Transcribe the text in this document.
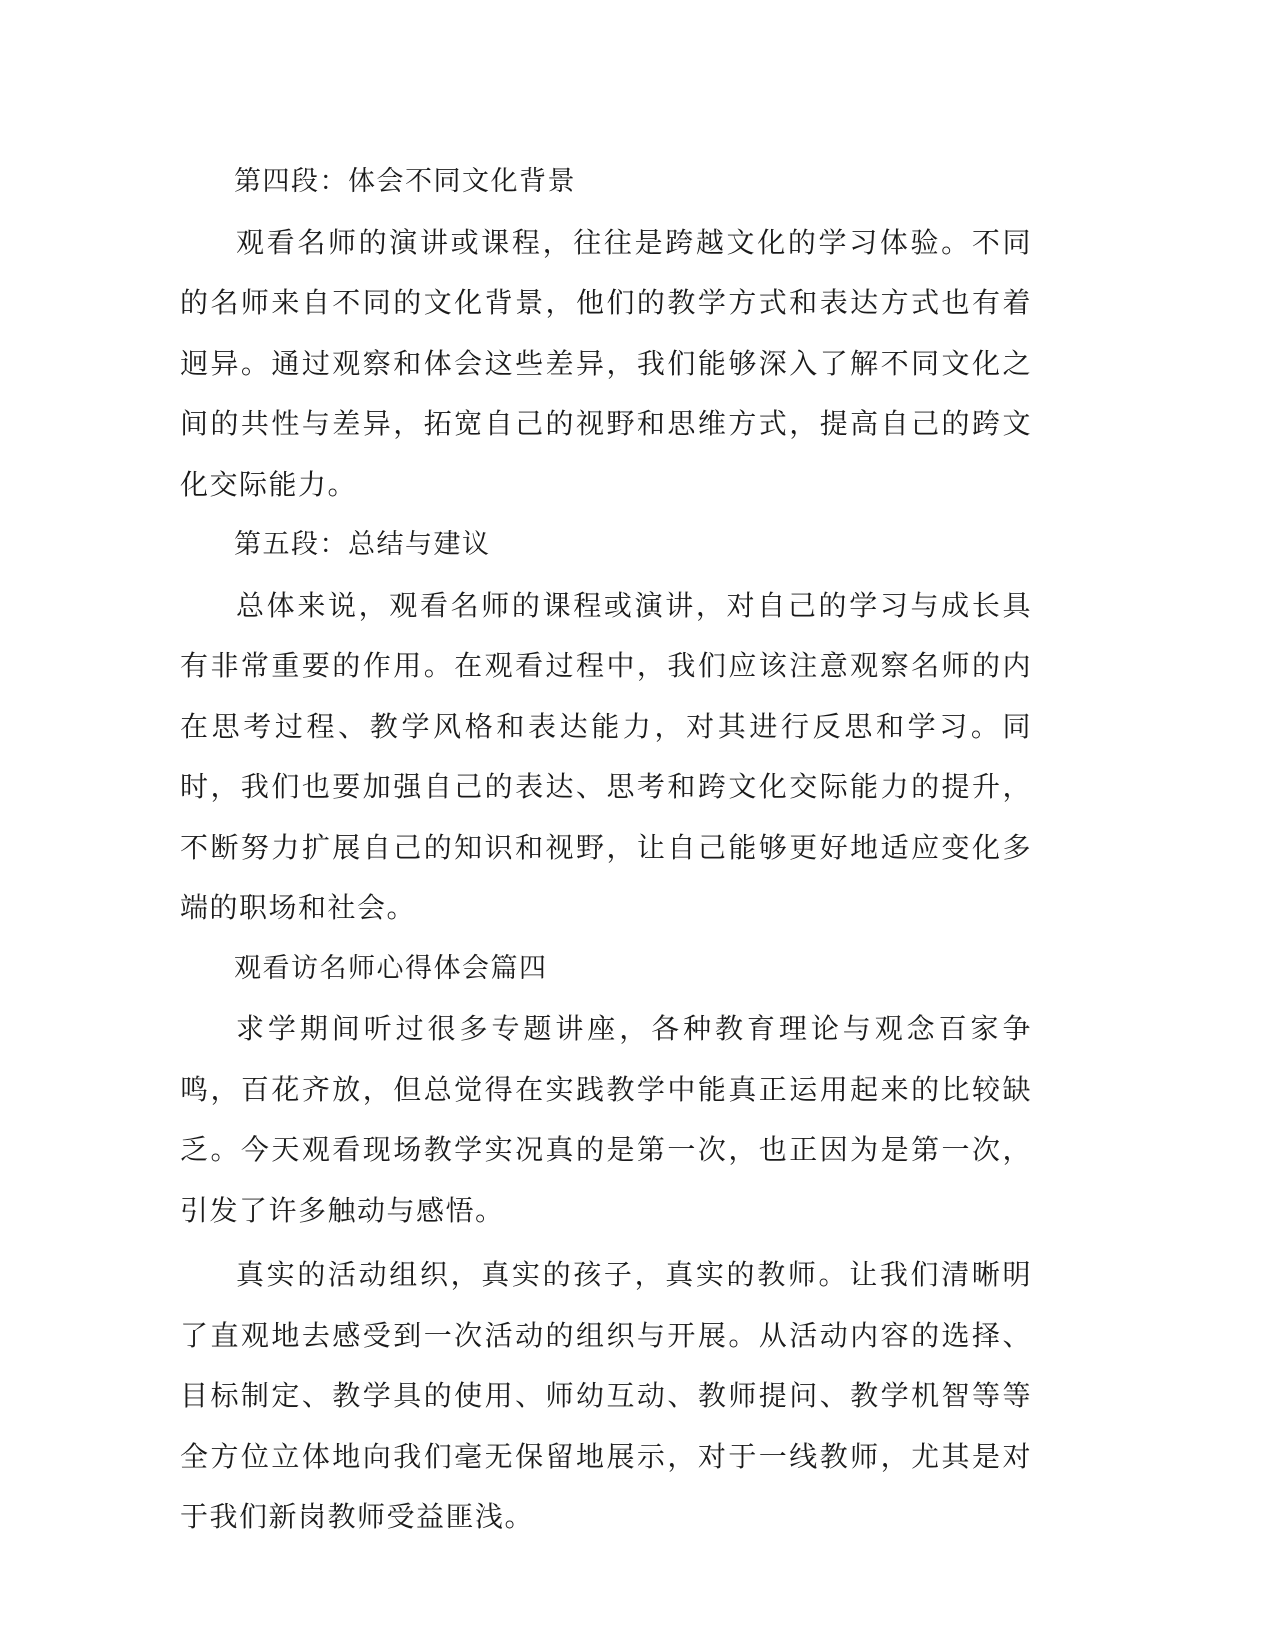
第四段：体会不同文化背景

观看名师的演讲或课程，往往是跨越文化的学习体验。不同的名师来自不同的文化背景，他们的教学方式和表达方式也有着迥异。通过观察和体会这些差异，我们能够深入了解不同文化之间的共性与差异，拓宽自己的视野和思维方式，提高自己的跨文化交际能力。

第五段：总结与建议

总体来说，观看名师的课程或演讲，对自己的学习与成长具有非常重要的作用。在观看过程中，我们应该注意观察名师的内在思考过程、教学风格和表达能力，对其进行反思和学习。同时，我们也要加强自己的表达、思考和跨文化交际能力的提升，不断努力扩展自己的知识和视野，让自己能够更好地适应变化多端的职场和社会。

观看访名师心得体会篇四

求学期间听过很多专题讲座，各种教育理论与观念百家争鸣，百花齐放，但总觉得在实践教学中能真正运用起来的比较缺乏。今天观看现场教学实况真的是第一次，也正因为是第一次，引发了许多触动与感悟。

真实的活动组织，真实的孩子，真实的教师。让我们清晰明了直观地去感受到一次活动的组织与开展。从活动内容的选择、目标制定、教学具的使用、师幼互动、教师提问、教学机智等等全方位立体地向我们毫无保留地展示，对于一线教师，尤其是对于我们新岗教师受益匪浅。
